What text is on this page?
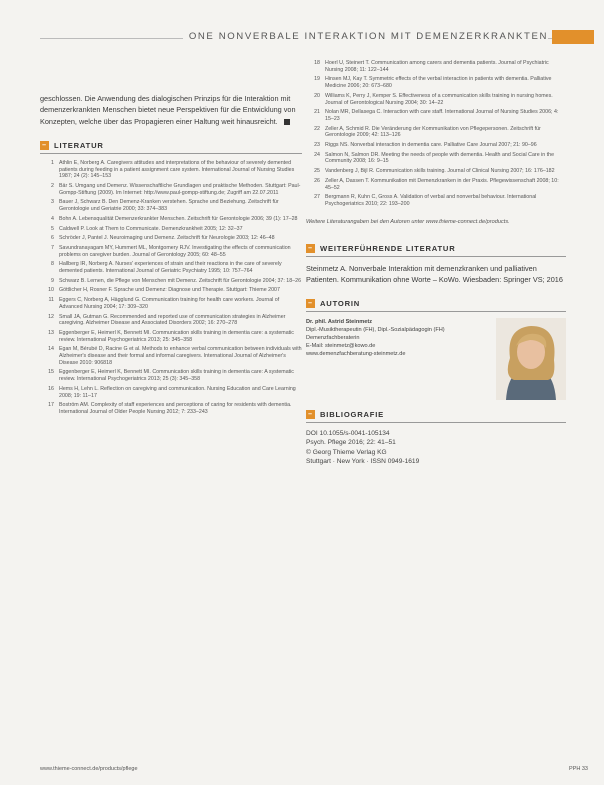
ONE NONVERBALE INTERAKTION MIT DEMENZERKRANKTEN
geschlossen. Die Anwendung des dialogischen Prinzips für die Interaktion mit demenzerkrankten Menschen bietet neue Perspektiven für die Entwicklung von Konzepten, welche über das Propagieren einer Haltung weit hinausreicht.
– LITERATUR
1 Athlin E, Norberg A. Caregivers attitudes and interpretations of the behaviour of severely demented patients during feeding in a patient assignment care system. International Journal of Nursing Studies 1987; 24 (2): 145–153
2 Bär S. Umgang und Demenz. Wissenschaftliche Grundlagen und praktische Methoden. Stuttgart: Paul-Gompp-Stiftung (2009). Im Internet: http://www.paul-gompp-stiftung.de; Zugriff am 22.07.2011
3 Bauer J, Schwarz B. Den Demenz-Kranken verstehen. Sprache und Beziehung. Zeitschrift für Gerontologie und Geriatrie 2000; 33: 374–383
4 Bohn A. Lebensqualität Demenzerkrankter Menschen. Zeitschrift für Gerontologie 2006; 39 (1): 17–28
5 Caldwell P. Look at Them to Communicate. Demenzkrankheit 2005; 12: 32–37
6 Schröder J, Pantel J. Neuroimaging und Demenz. Zeitschrift für Neurologie 2003; 12: 46–48
7 Savundranayagam MY, Hummert ML, Montgomery RJV. Investigating the effects of communication problems on caregiver burden. Journal of Gerontology 2005; 60: 48–55
8 Hallberg IR, Norberg A. Nurses' experiences of strain and their reactions in the care of severely demented patients. International Journal of Geriatric Psychiatry 1995; 10: 757–764
9 Schwarz B. Lernen, die Pflege von Menschen mit Demenz. Zeitschrift für Gerontologie 2004; 37: 18–26
10 Göttlicher H, Rosner F. Sprache und Demenz: Diagnose und Therapie. Stuttgart: Thieme 2007
11 Eggers C, Norberg A, Hägglund G. Communication training for health care workers. Journal of Advanced Nursing 2004; 17: 309–320
12 Small JA, Gutman G. Recommended and reported use of communication strategies in Alzheimer caregiving. Alzheimer Disease and Associated Disorders 2002; 16: 270–278
13 Eggenberger E, Heimerl K, Bennett MI. Communication skills training in dementia care: a systematic review. International Psychogeriatrics 2013; 25: 345–358
14 Egan M, Bérubé D, Racine G et al. Methods to enhance verbal communication between individuals with Alzheimer's disease and their formal and informal caregivers. International Journal of Alzheimer's Disease 2010: 906818
15 Eggenberger E, Heimerl K, Bennett MI. Communication skills training in dementia care: A systematic review. International Psychogeriatrics 2013; 25 (3): 345–358
16 Hems H, Lehn L. Reflection on caregiving and communication. Nursing Education and Care Learning 2008; 19: 11–17
17 Boström AM. Complexity of staff experiences and perceptions of caring for residents with dementia. International Journal of Older People Nursing 2012; 7: 233–243
18 Hoerl U, Steinert T. Communication among carers and dementia patients. Journal of Psychiatric Nursing 2008; 11: 122–144
19 Hinsen MJ, Kay T. Symmetric effects of the verbal interaction in patients with dementia. Palliative Medicine 2006; 20: 673–680
20 Williams K, Perry J, Kemper S. Effectiveness of a communication skills training in nursing homes. Journal of Gerontological Nursing 2004; 30: 14–22
21 Nolan MR, Dellasega C. Interaction with care staff. International Journal of Nursing Studies 2006; 4: 15–23
22 Zeller A, Schmid R. Die Veränderung der Kommunikation von Pflegepersonen. Zeitschrift für Gerontologie 2009; 42: 113–126
23 Riggs NS. Nonverbal interaction in dementia care. Palliative Care Journal 2007; 21: 90–96
24 Salmon N, Salmon DR. Meeting the needs of people with dementia. Health and Social Care in the Community 2008; 16: 9–15
25 Vandenberg J, Bijl R. Communication skills training. Journal of Clinical Nursing 2007; 16: 176–182
26 Zeller A, Dassen T. Kommunikation mit Demenzkranken in der Praxis. Pflegewissenschaft 2008; 10: 45–52
27 Bergmann R, Kuhn C, Gross A. Validation of verbal and nonverbal behaviour. International Psychogeriatrics 2010; 22: 193–200
Weitere Literaturangaben bei den Autoren unter www.thieme-connect.de/products.
– WEITERFÜHRENDE LITERATUR
Steinmetz A. Nonverbale Interaktion mit demenzkranken und palliativen Patienten. Kommunikation ohne Worte – KoWo. Wiesbaden: Springer VS; 2016
– AUTORIN
Dr. phil. Astrid Steinmetz
Dipl.-Musiktherapeutin (FH), Dipl.-Sozialpädagogin (FH)
Demenzfachberaterin
E-Mail: steinmetz@kowo.de
www.demenzfachberatung-steinmetz.de
– BIBLIOGRAFIE
DOI 10.1055/s-0041-105134
Psych. Pflege 2016; 22: 41–51
© Georg Thieme Verlag KG
Stuttgart · New York · ISSN 0949-1619
www.thieme-connect.de/products/pflege	PPH 33
